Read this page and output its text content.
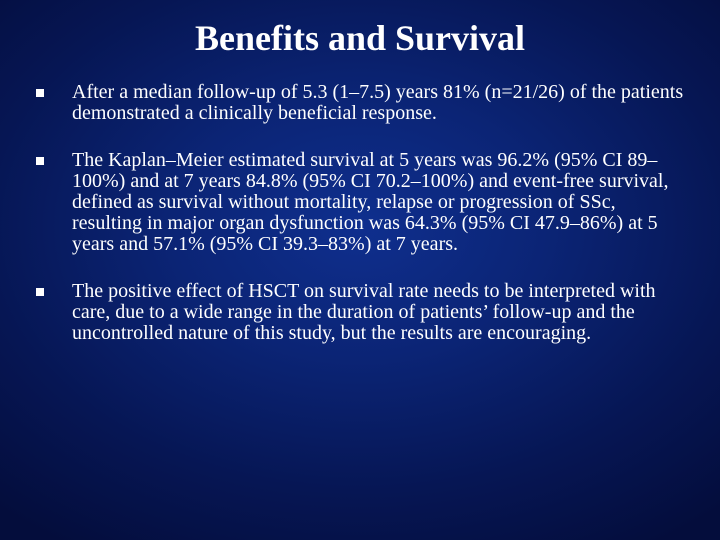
Benefits and Survival
After a median follow-up of 5.3 (1–7.5) years 81% (n=21/26) of the patients demonstrated a clinically beneficial response.
The Kaplan–Meier estimated survival at 5 years was 96.2% (95% CI 89–100%) and at 7 years 84.8% (95% CI 70.2–100%) and event-free survival, defined as survival without mortality, relapse or progression of SSc, resulting in major organ dysfunction was 64.3% (95% CI 47.9–86%) at 5 years and 57.1% (95% CI 39.3–83%) at 7 years.
The positive effect of HSCT on survival rate needs to be interpreted with care, due to a wide range in the duration of patients’ follow-up and the uncontrolled nature of this study, but the results are encouraging.
